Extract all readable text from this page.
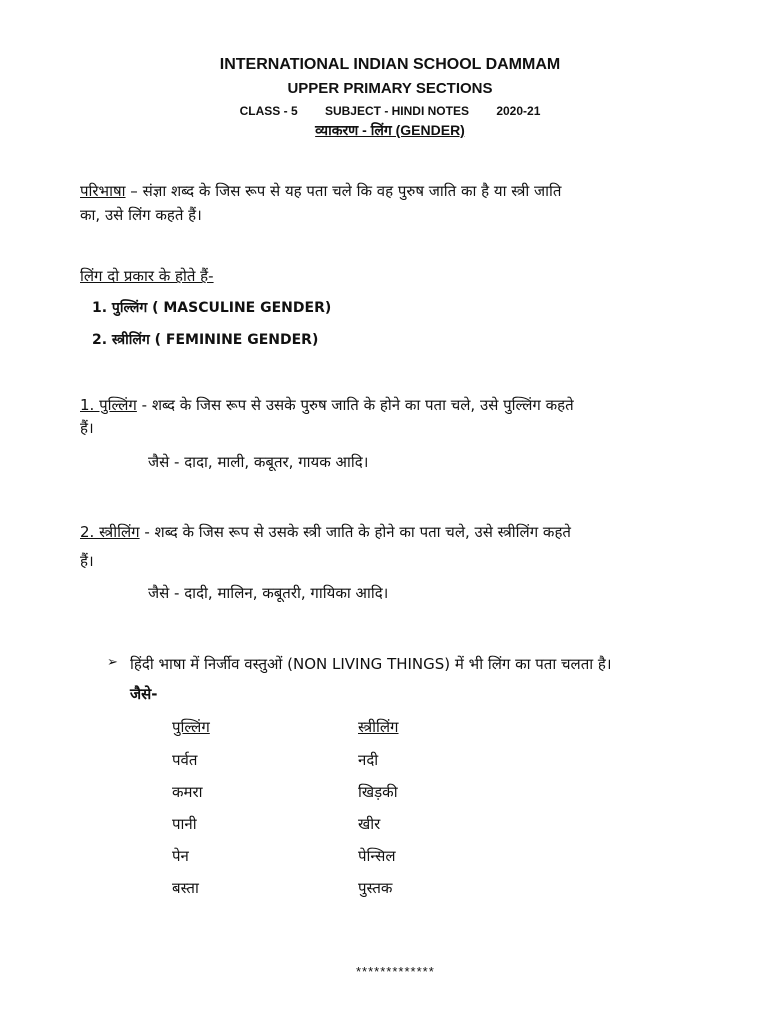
INTERNATIONAL INDIAN SCHOOL DAMMAM
UPPER PRIMARY SECTIONS
CLASS - 5 SUBJECT - HINDI NOTES 2020-21
व्याकरण - लिंग (GENDER)
परिभाषा – संज्ञा शब्द के जिस रूप से यह पता चले कि वह पुरुष जाति का है या स्त्री जाति
का, उसे लिंग कहते हैं।
लिंग दो प्रकार के होते हैं-
1. पुल्लिंग ( MASCULINE GENDER)
2. स्त्रीलिंग ( FEMININE GENDER)
1. पुल्लिंग - शब्द के जिस रूप से उसके पुरुष जाति के होने का पता चले, उसे पुल्लिंग कहते
हैं।
जैसे - दादा, माली, कबूतर, गायक आदि।
2. स्त्रीलिंग - शब्द के जिस रूप से उसके स्त्री जाति के होने का पता चले, उसे स्त्रीलिंग कहते
हैं।
जैसे - दादी, मालिन, कबूतरी, गायिका आदि।
➢ हिंदी भाषा में निर्जीव वस्तुओं (NON LIVING THINGS) में भी लिंग का पता चलता है।
जैसे-
पुल्लिंग	स्त्रीलिंग
पर्वत	नदी
कमरा	खिड़की
पानी	खीर
पेन	पेन्सिल
बस्ता	पुस्तक
*************
